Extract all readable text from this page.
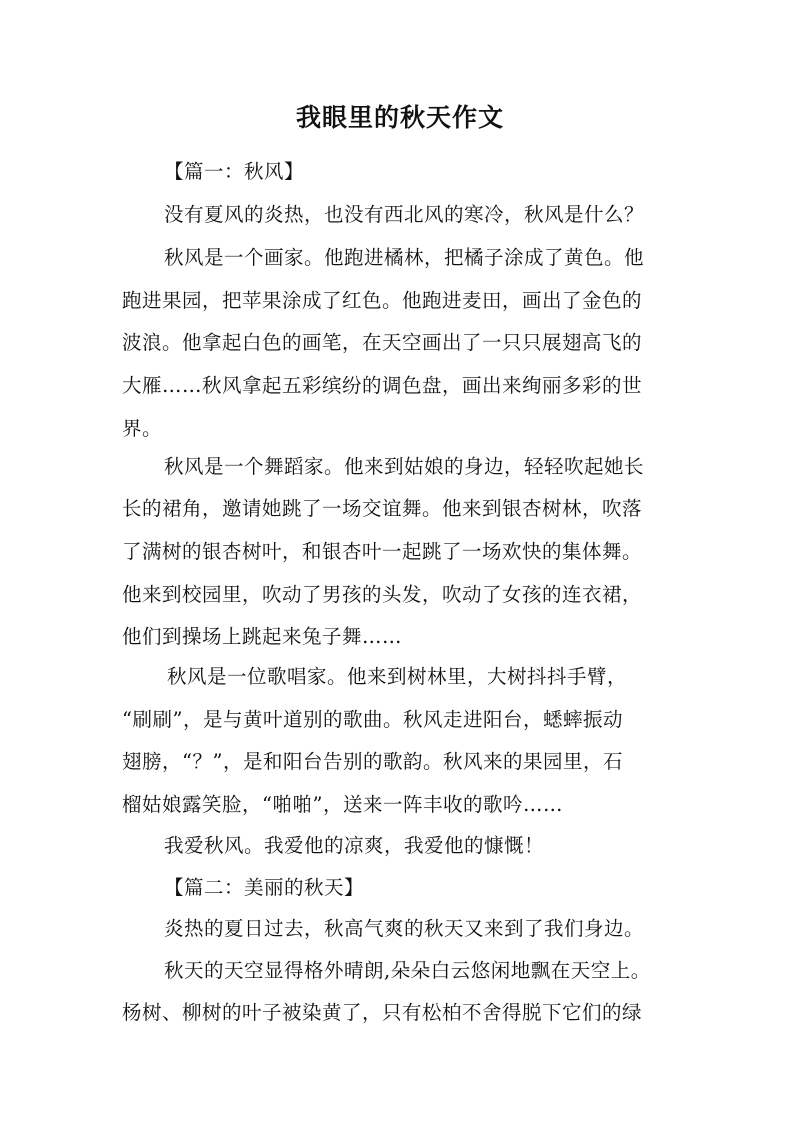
我眼里的秋天作文
【篇一：秋风】
没有夏风的炎热，也没有西北风的寒冷，秋风是什么？
秋风是一个画家。他跑进橘林，把橘子涂成了黄色。他
跑进果园，把苹果涂成了红色。他跑进麦田，画出了金色的
波浪。他拿起白色的画笔，在天空画出了一只只展翅高飞的
大雁……秋风拿起五彩缤纷的调色盘，画出来绚丽多彩的世
界。
秋风是一个舞蹈家。他来到姑娘的身边，轻轻吹起她长
长的裙角，邀请她跳了一场交谊舞。他来到银杏树林，吹落
了满树的银杏树叶，和银杏叶一起跳了一场欢快的集体舞。
他来到校园里，吹动了男孩的头发，吹动了女孩的连衣裙，
他们到操场上跳起来兔子舞……
秋风是一位歌唱家。他来到树林里，大树抖抖手臂，
“刷刷”，是与黄叶道别的歌曲。秋风走进阳台，蟋蟀振动
翅膀，“？”，是和阳台告别的歌韵。秋风来的果园里，石
榴姑娘露笑脸，“啪啪”，送来一阵丰收的歌吟……
我爱秋风。我爱他的凉爽，我爱他的慷慨！
【篇二：美丽的秋天】
炎热的夏日过去，秋高气爽的秋天又来到了我们身边。
秋天的天空显得格外晴朗,朵朵白云悠闲地飘在天空上。
杨树、柳树的叶子被染黄了，只有松柏不舍得脱下它们的绿
